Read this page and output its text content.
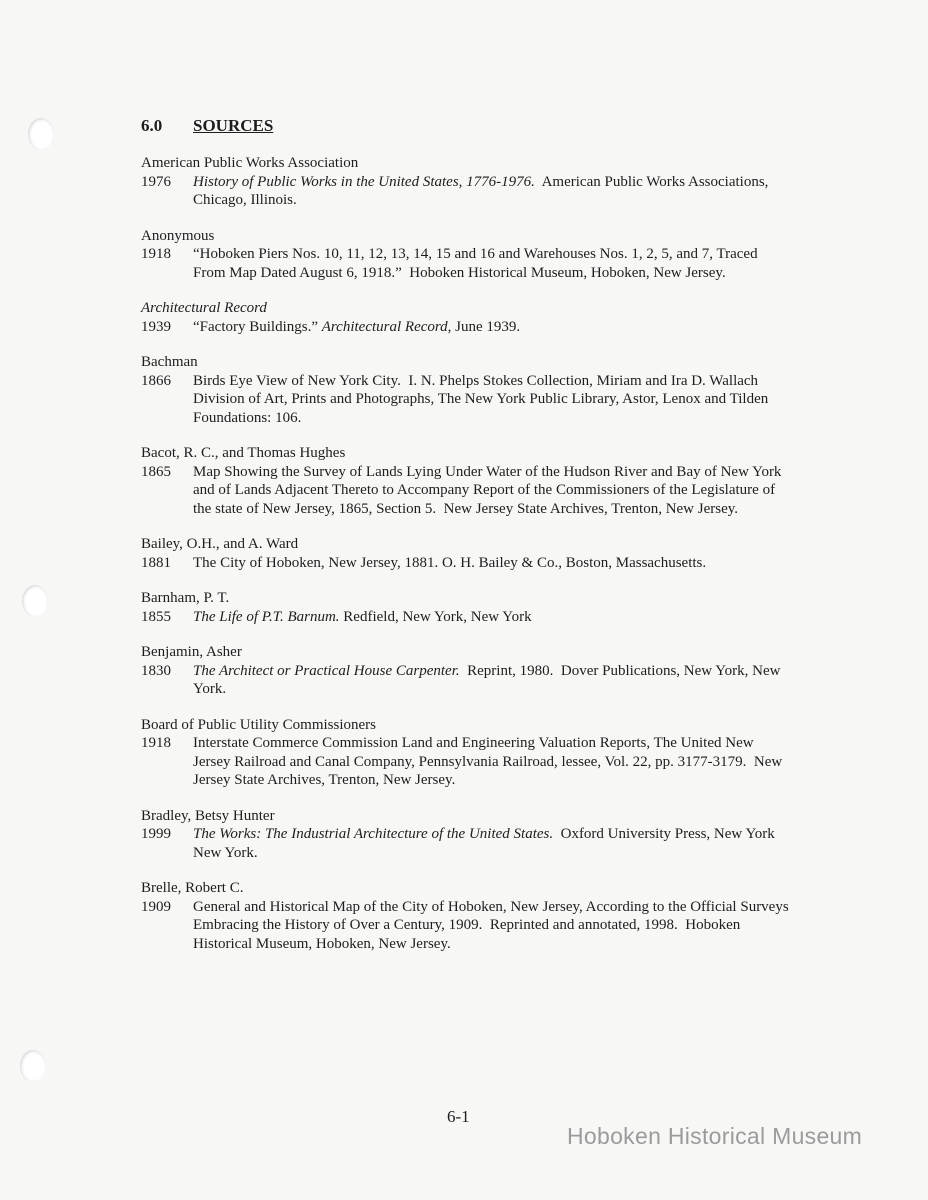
6.0 SOURCES
American Public Works Association
1976	History of Public Works in the United States, 1776-1976.  American Public Works Associations, Chicago, Illinois.
Anonymous
1918	“Hoboken Piers Nos. 10, 11, 12, 13, 14, 15 and 16 and Warehouses Nos. 1, 2, 5, and 7, Traced From Map Dated August 6, 1918.”  Hoboken Historical Museum, Hoboken, New Jersey.
Architectural Record
1939	“Factory Buildings.” Architectural Record, June 1939.
Bachman
1866	Birds Eye View of New York City.  I. N. Phelps Stokes Collection, Miriam and Ira D. Wallach Division of Art, Prints and Photographs, The New York Public Library, Astor, Lenox and Tilden Foundations: 106.
Bacot, R. C., and Thomas Hughes
1865	Map Showing the Survey of Lands Lying Under Water of the Hudson River and Bay of New York and of Lands Adjacent Thereto to Accompany Report of the Commissioners of the Legislature of the state of New Jersey, 1865, Section 5.  New Jersey State Archives, Trenton, New Jersey.
Bailey, O.H., and A. Ward
1881	The City of Hoboken, New Jersey, 1881. O. H. Bailey & Co., Boston, Massachusetts.
Barnham, P. T.
1855	The Life of P.T. Barnum. Redfield, New York, New York
Benjamin, Asher
1830	The Architect or Practical House Carpenter.  Reprint, 1980.  Dover Publications, New York, New York.
Board of Public Utility Commissioners
1918	Interstate Commerce Commission Land and Engineering Valuation Reports, The United New Jersey Railroad and Canal Company, Pennsylvania Railroad, lessee, Vol. 22, pp. 3177-3179.  New Jersey State Archives, Trenton, New Jersey.
Bradley, Betsy Hunter
1999	The Works: The Industrial Architecture of the United States.  Oxford University Press, New York New York.
Brelle, Robert C.
1909	General and Historical Map of the City of Hoboken, New Jersey, According to the Official Surveys Embracing the History of Over a Century, 1909.  Reprinted and annotated, 1998.  Hoboken Historical Museum, Hoboken, New Jersey.
6-1
Hoboken Historical Museum
